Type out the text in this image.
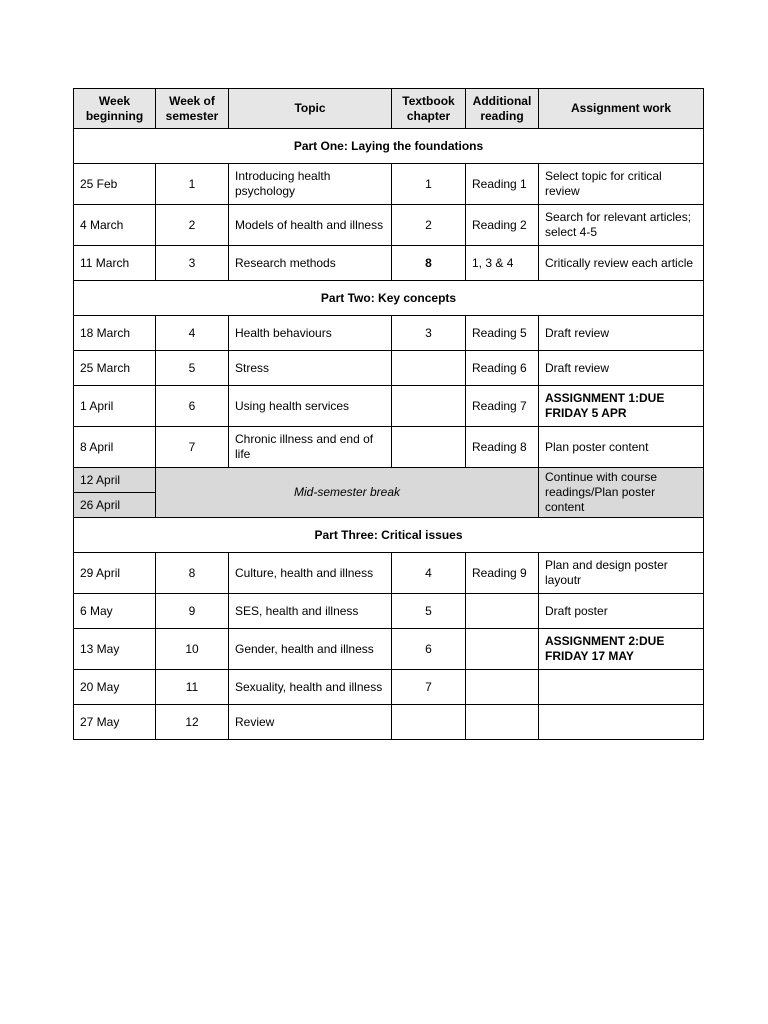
Week beginning	Week of semester	Topic	Textbook chapter	Additional reading	Assignment work
Part One: Laying the foundations					
25 Feb	1	Introducing health psychology	1	Reading 1	Select topic for critical review
4 March	2	Models of health and illness	2	Reading 2	Search for relevant articles; select 4-5
11 March	3	Research methods	8	1, 3 & 4	Critically review each article
Part Two: Key concepts					
18 March	4	Health behaviours	3	Reading 5	Draft review
25 March	5	Stress		Reading 6	Draft review
1 April	6	Using health services		Reading 7	ASSIGNMENT 1:DUE FRIDAY 5 APR
8 April	7	Chronic illness and end of life		Reading 8	Plan poster content
12 April	Mid-semester break				Continue with course readings/Plan poster content
26 April					
Part Three: Critical issues					
29 April	8	Culture, health and illness	4	Reading 9	Plan and design poster layoutr
6 May	9	SES, health and illness	5		Draft poster
13 May	10	Gender, health and illness	6		ASSIGNMENT 2:DUE FRIDAY 17 MAY
20 May	11	Sexuality, health and illness	7		
27 May	12	Review			
